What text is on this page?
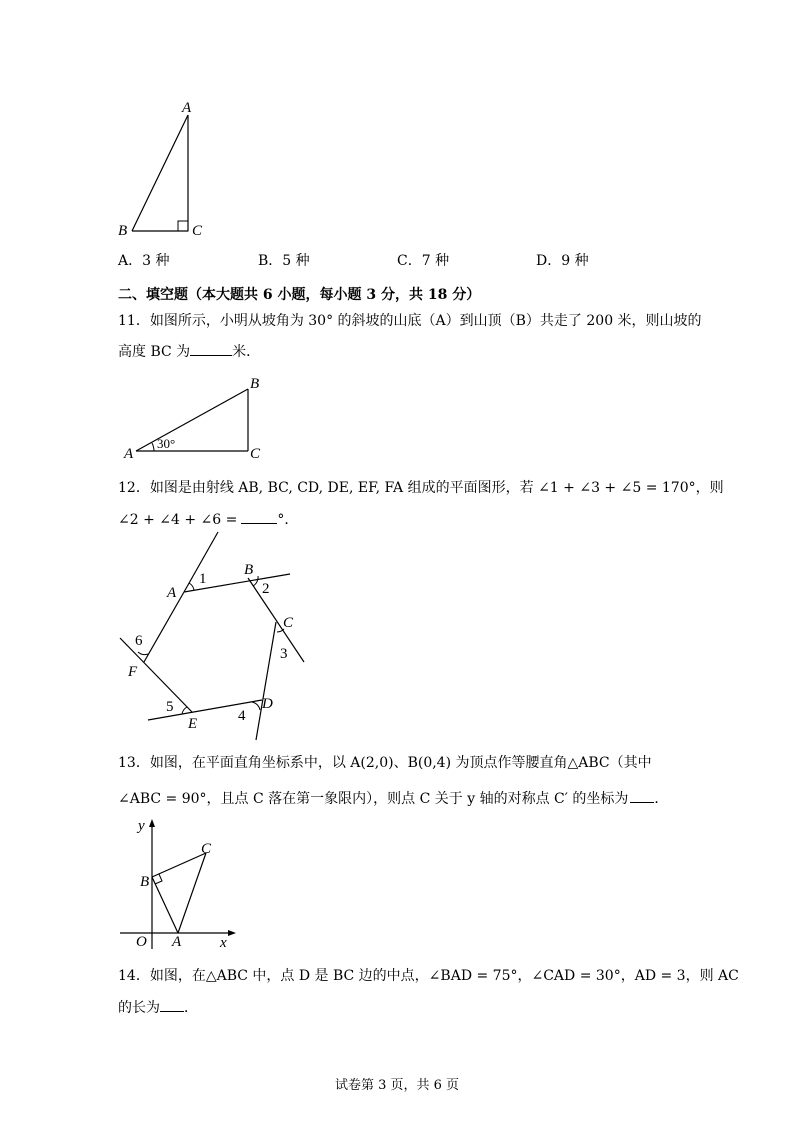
A
B	C
A．3 种	B．5 种	C．7 种	D．9 种
二、填空题（本大题共 6 小题，每小题 3 分，共 18 分）
11．如图所示，小明从坡角为 30° 的斜坡的山底（A）到山顶（B）共走了 200 米，则山坡的
高度 BC 为	米．
A
B
C
30°
12．如图是由射线 AB, BC, CD, DE, EF, FA 组成的平面图形，若 ∠1 + ∠3 + ∠5 = 170°，则
∠2 + ∠4 + ∠6 =	°．
A
B
C
D
E
F
1
2
3
4
5
6
13．如图，在平面直角坐标系中，以 A(2,0)、B(0,4) 为顶点作等腰直角△ABC（其中
∠ABC = 90°，且点 C 落在第一象限内），则点 C 关于 y 轴的对称点 C′ 的坐标为 ．
y
x
O A
B
C
14．如图，在△ABC 中，点 D 是 BC 边的中点，∠BAD = 75°，∠CAD = 30°，AD = 3，则 AC
的长为 ．
试卷第 3 页，共 6 页
